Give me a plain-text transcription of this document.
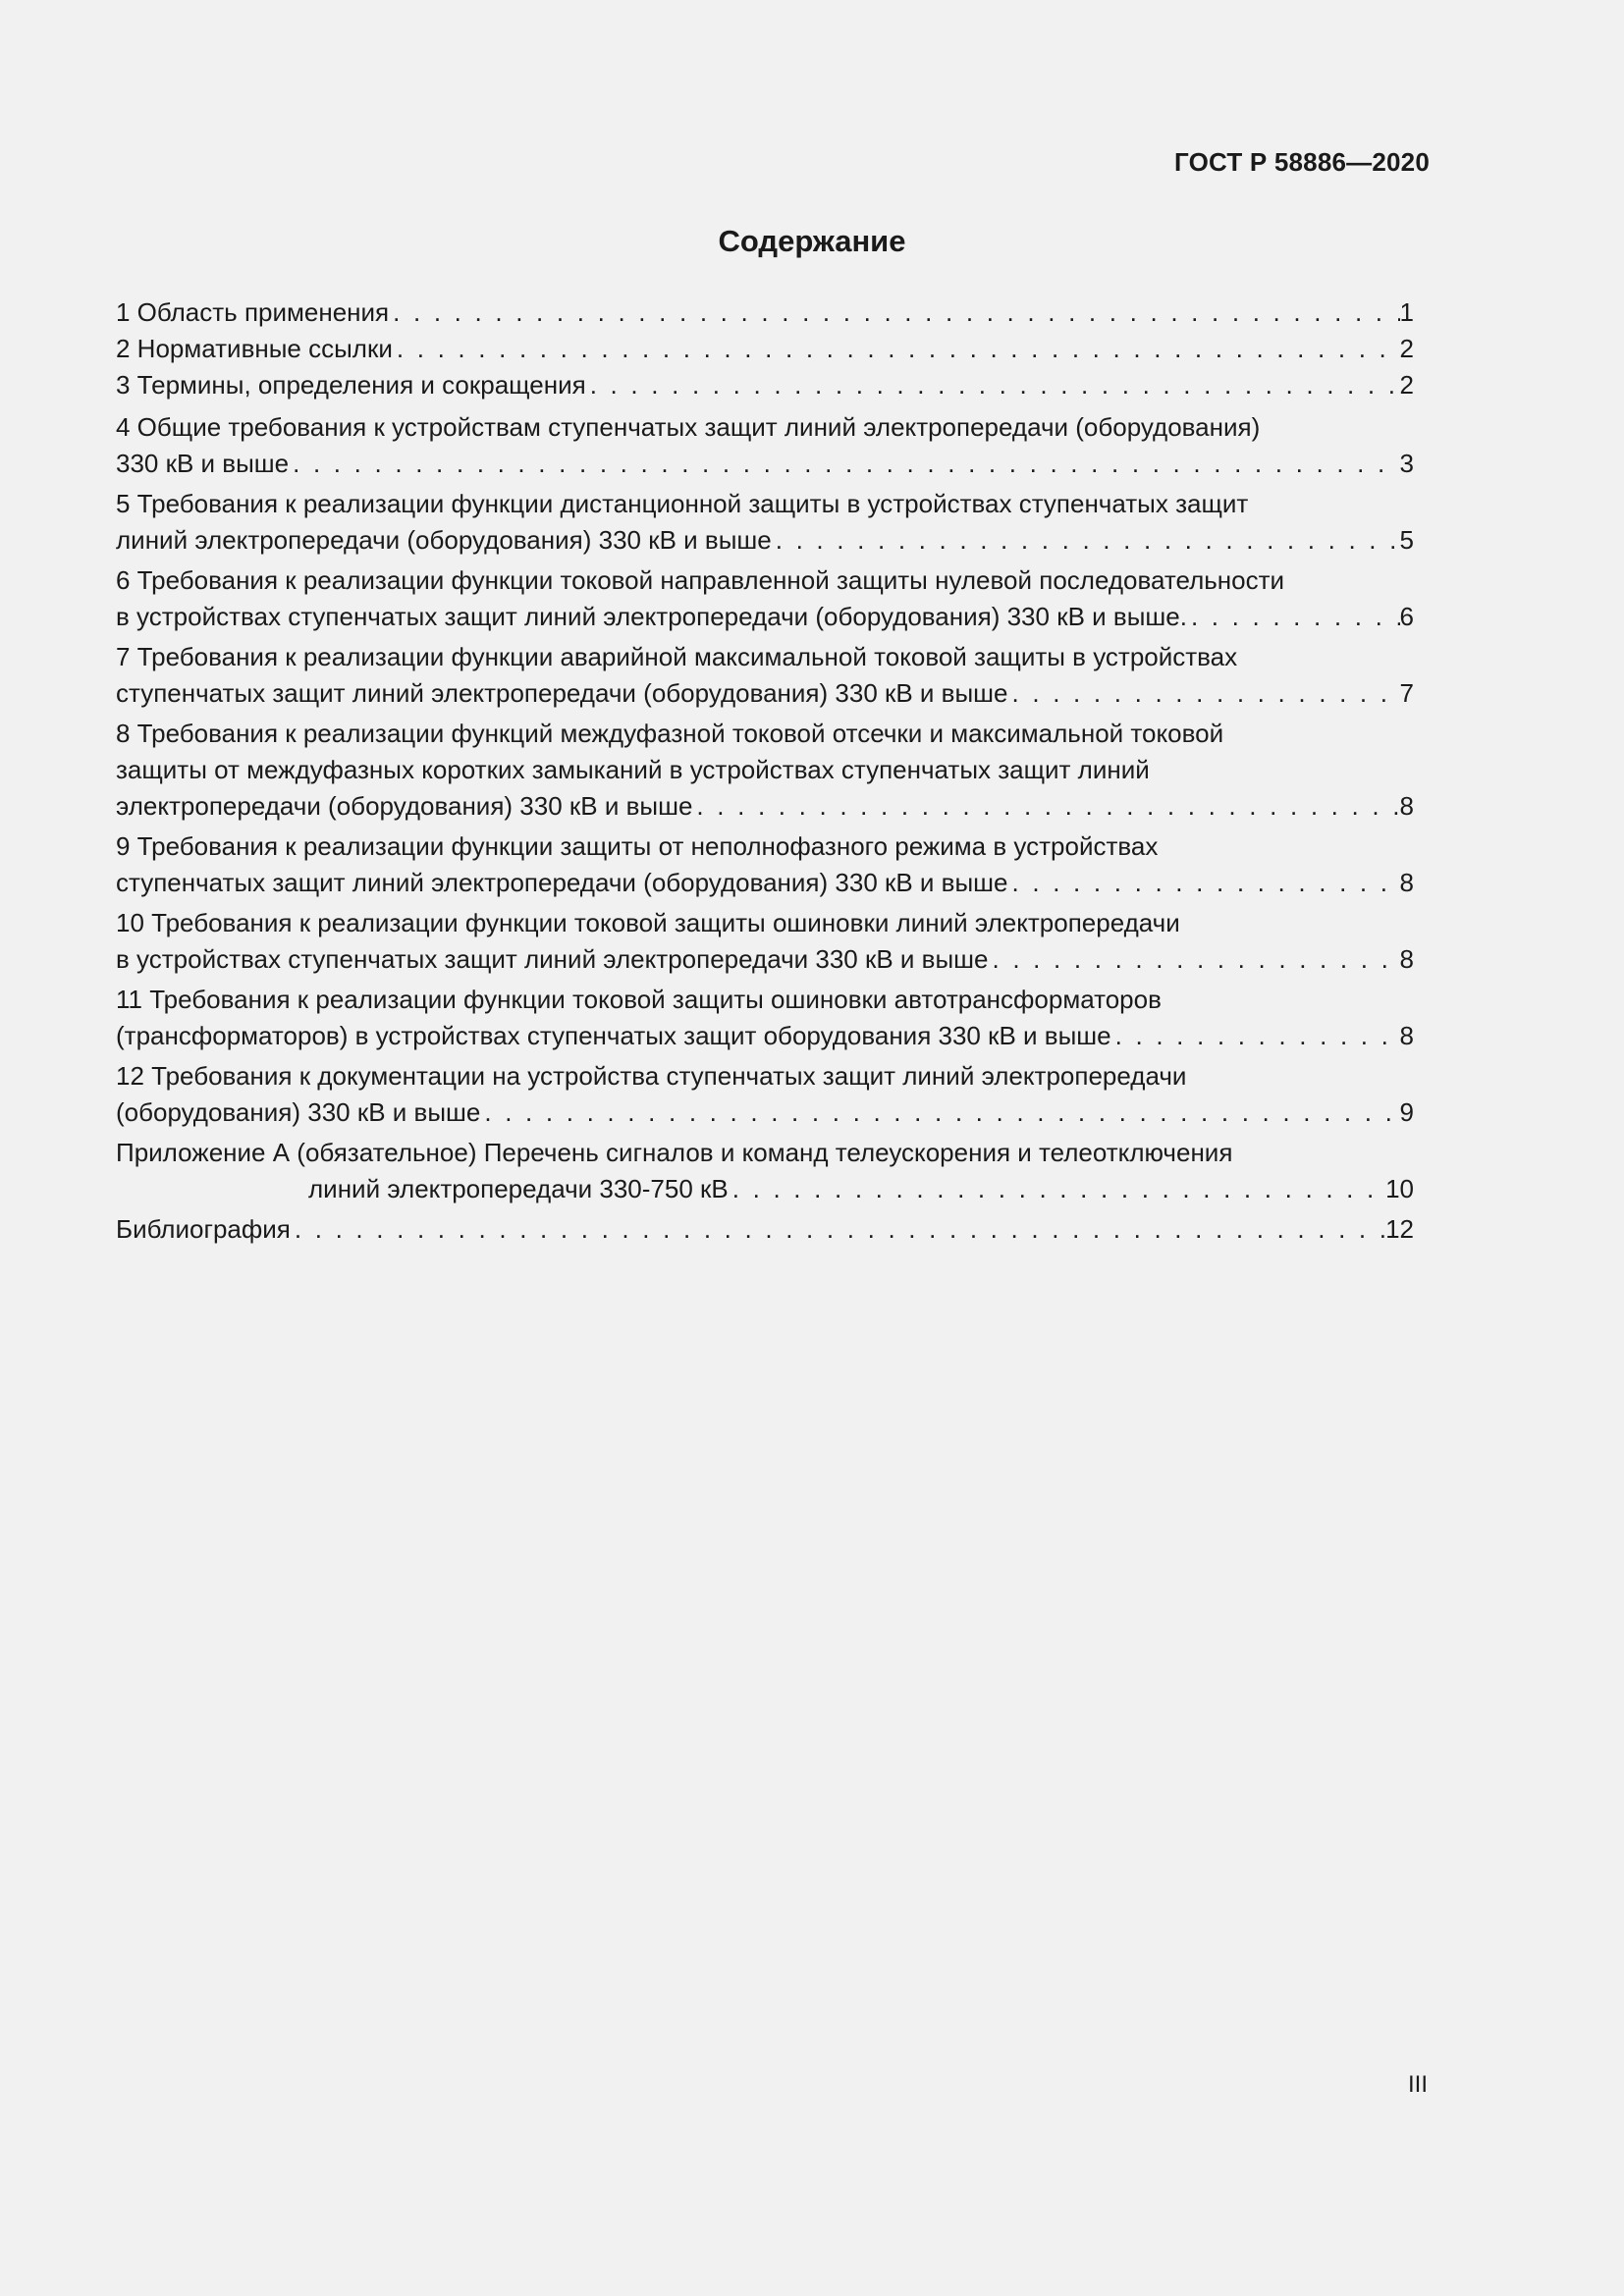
ГОСТ Р 58886—2020
Содержание
1 Область применения . . .	1
2 Нормативные ссылки . . .	2
3 Термины, определения и сокращения . . .	2
4 Общие требования к устройствам ступенчатых защит линий электропередачи (оборудования)
330 кВ и выше . . .	3
5 Требования к реализации функции дистанционной защиты в устройствах ступенчатых защит
линий электропередачи (оборудования) 330 кВ и выше . . .	5
6 Требования к реализации функции токовой направленной защиты нулевой последовательности
в устройствах ступенчатых защит линий электропередачи (оборудования) 330 кВ и выше. . . .	6
7 Требования к реализации функции аварийной максимальной токовой защиты в устройствах
ступенчатых защит линий электропередачи (оборудования) 330 кВ и выше . . .	7
8 Требования к реализации функций междуфазной токовой отсечки и максимальной токовой
защиты от междуфазных коротких замыканий в устройствах ступенчатых защит линий
электропередачи (оборудования) 330 кВ и выше . . .	8
9 Требования к реализации функции защиты от неполнофазного режима в устройствах
ступенчатых защит линий электропередачи (оборудования) 330 кВ и выше . . .	8
10 Требования к реализации функции токовой защиты ошиновки линий электропередачи
в устройствах ступенчатых защит линий электропередачи 330 кВ и выше . . .	8
11 Требования к реализации функции токовой защиты ошиновки автотрансформаторов
(трансформаторов) в устройствах ступенчатых защит оборудования 330 кВ и выше . . .	8
12 Требования к документации на устройства ступенчатых защит линий электропередачи
(оборудования) 330 кВ и выше . . .	9
Приложение А (обязательное) Перечень сигналов и команд телеускорения и телеотключения
линий электропередачи 330-750 кВ . . .	10
Библиография . . .	12
III
